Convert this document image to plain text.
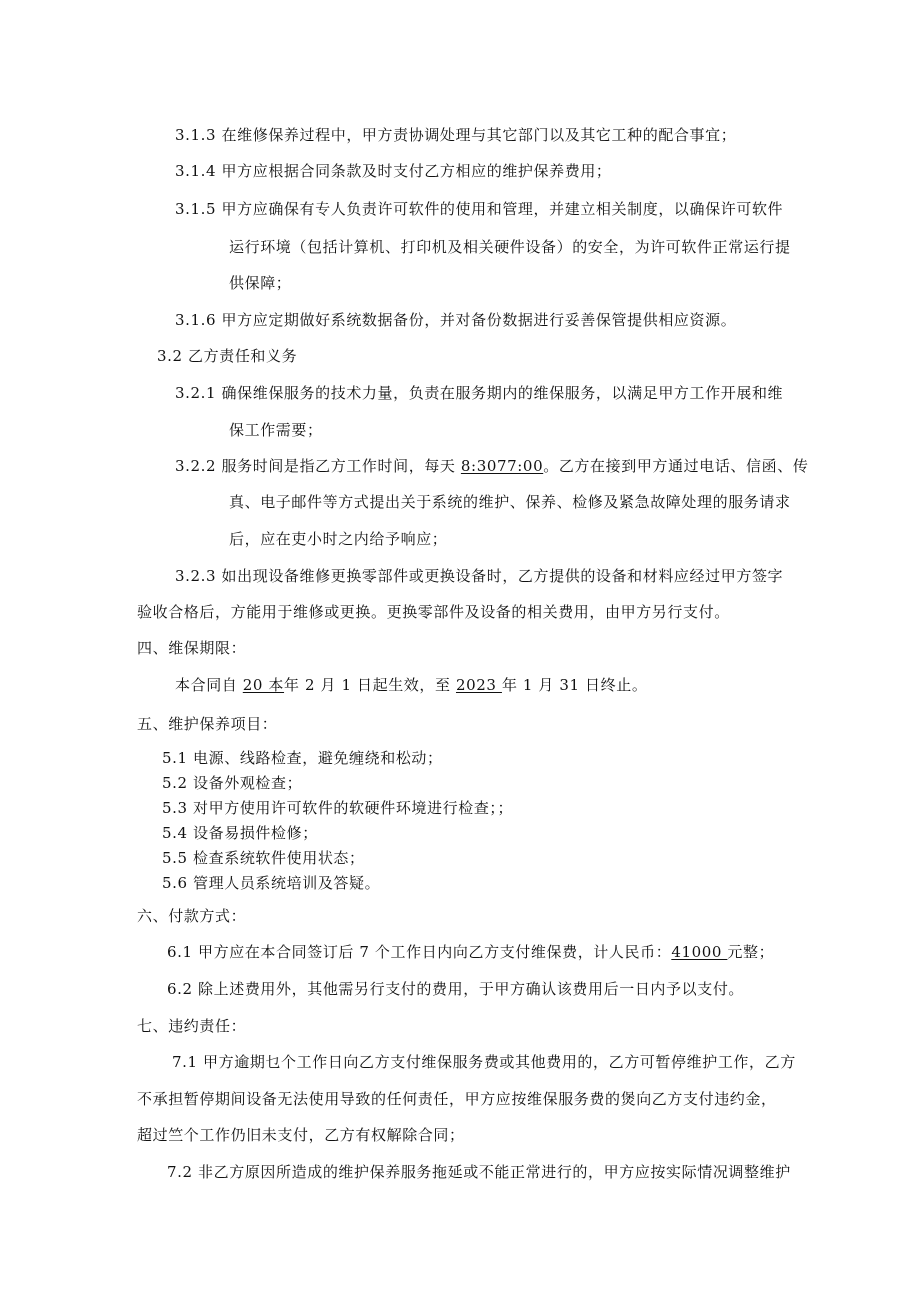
3.1.3 在维修保养过程中，甲方责协调处理与其它部门以及其它工种的配合事宜；
3.1.4 甲方应根据合同条款及时支付乙方相应的维护保养费用；
3.1.5 甲方应确保有专人负责许可软件的使用和管理，并建立相关制度，以确保许可软件
运行环境（包括计算机、打印机及相关硬件设备）的安全，为许可软件正常运行提
供保障；
3.1.6 甲方应定期做好系统数据备份，并对备份数据进行妥善保管提供相应资源。
3.2 乙方责任和义务
3.2.1 确保维保服务的技术力量，负责在服务期内的维保服务，以满足甲方工作开展和维
保工作需要；
3.2.2 服务时间是指乙方工作时间，每天 8:3077:00。乙方在接到甲方通过电话、信函、传
真、电子邮件等方式提出关于系统的维护、保养、检修及紧急故障处理的服务请求
后，应在吏小时之内给予响应；
3.2.3 如出现设备维修更换零部件或更换设备时，乙方提供的设备和材料应经过甲方签字
验收合格后，方能用于维修或更换。更换零部件及设备的相关费用，由甲方另行支付。
四、维保期限：
本合同自 20 本年 2 月 1 日起生效，至 2023 年 1 月 31 日终止。
五、维护保养项目：
5.1 电源、线路检查，避免缠绕和松动；
5.2 设备外观检查；
5.3 对甲方使用许可软件的软硬件环境进行检查；；
5.4 设备易损件检修；
5.5 检查系统软件使用状态；
5.6 管理人员系统培训及答疑。
六、付款方式：
6.1 甲方应在本合同签订后 7 个工作日内向乙方支付维保费，计人民币：41000 元整；
6.2 除上述费用外，其他需另行支付的费用，于甲方确认该费用后一日内予以支付。
七、违约责任：
7.1 甲方逾期乜个工作日向乙方支付维保服务费或其他费用的，乙方可暂停维护工作，乙方
不承担暂停期间设备无法使用导致的任何责任，甲方应按维保服务费的煲向乙方支付违约金，
超过竺个工作仍旧未支付，乙方有权解除合同；
7.2 非乙方原因所造成的维护保养服务拖延或不能正常进行的，甲方应按实际情况调整维护
